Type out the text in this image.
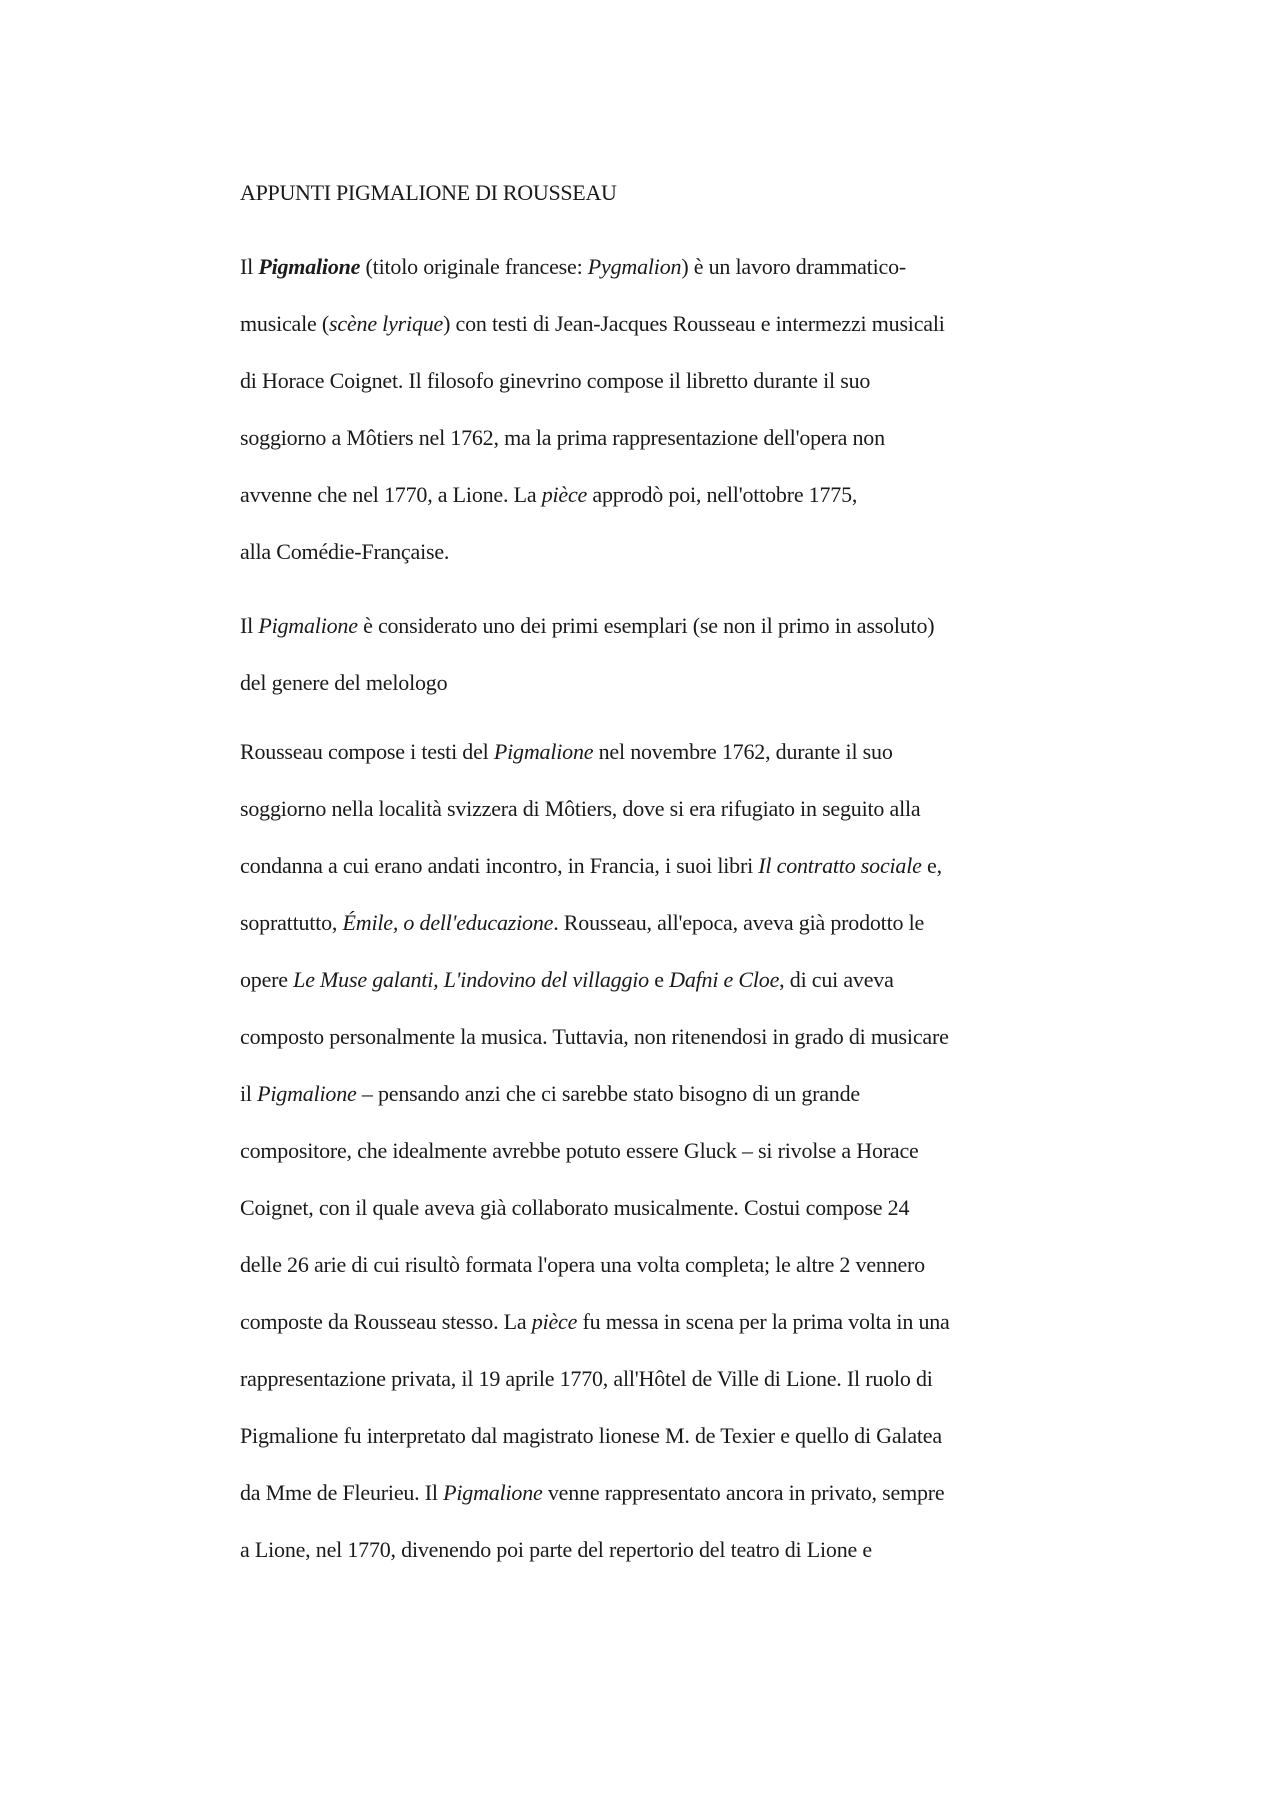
APPUNTI PIGMALIONE DI ROUSSEAU
Il Pigmalione (titolo originale francese: Pygmalion) è un lavoro drammatico-
musicale (scène lyrique) con testi di Jean-Jacques Rousseau e intermezzi musicali
di Horace Coignet. Il filosofo ginevrino compose il libretto durante il suo
soggiorno a Môtiers nel 1762, ma la prima rappresentazione dell'opera non
avvenne che nel 1770, a Lione. La pièce approdò poi, nell'ottobre 1775,
alla Comédie-Française.
Il Pigmalione è considerato uno dei primi esemplari (se non il primo in assoluto)
del genere del melologo
Rousseau compose i testi del Pigmalione nel novembre 1762, durante il suo
soggiorno nella località svizzera di Môtiers, dove si era rifugiato in seguito alla
condanna a cui erano andati incontro, in Francia, i suoi libri Il contratto sociale e,
soprattutto, Émile, o dell'educazione. Rousseau, all'epoca, aveva già prodotto le
opere Le Muse galanti, L'indovino del villaggio e Dafni e Cloe, di cui aveva
composto personalmente la musica. Tuttavia, non ritenendosi in grado di musicare
il Pigmalione – pensando anzi che ci sarebbe stato bisogno di un grande
compositore, che idealmente avrebbe potuto essere Gluck – si rivolse a Horace
Coignet, con il quale aveva già collaborato musicalmente. Costui compose 24
delle 26 arie di cui risultò formata l'opera una volta completa; le altre 2 vennero
composte da Rousseau stesso. La pièce fu messa in scena per la prima volta in una
rappresentazione privata, il 19 aprile 1770, all'Hôtel de Ville di Lione. Il ruolo di
Pigmalione fu interpretato dal magistrato lionese M. de Texier e quello di Galatea
da Mme de Fleurieu. Il Pigmalione venne rappresentato ancora in privato, sempre
a Lione, nel 1770, divenendo poi parte del repertorio del teatro di Lione e
